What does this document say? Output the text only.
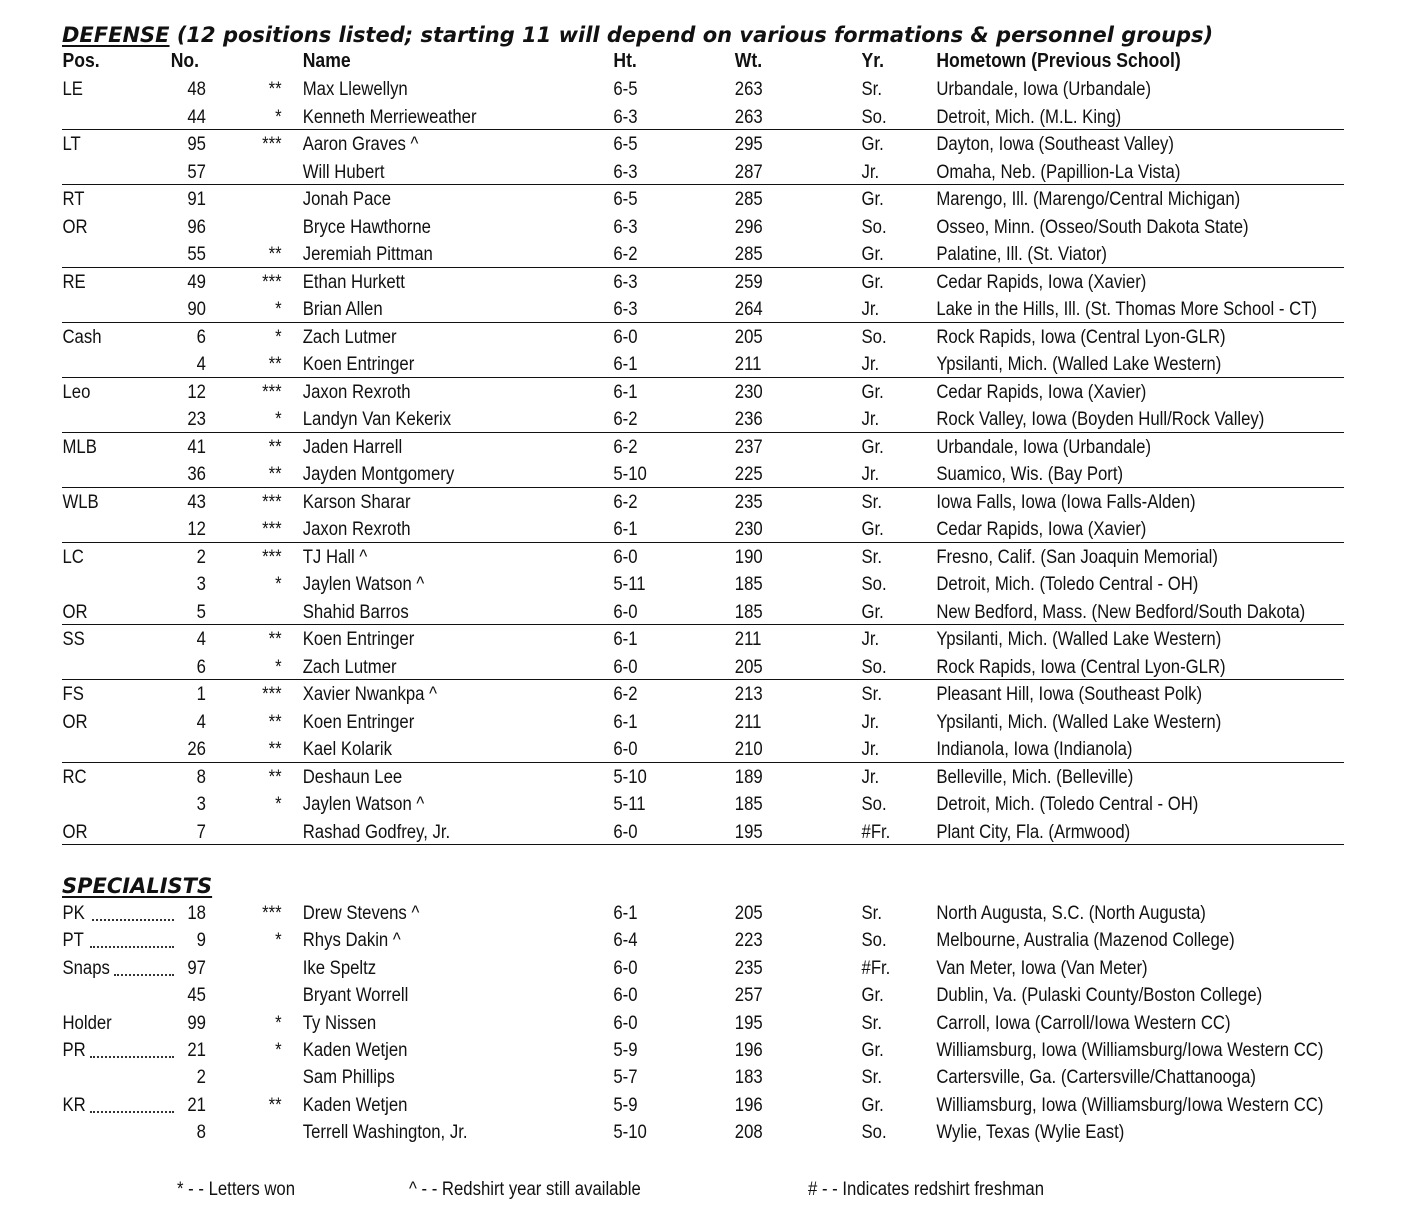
DEFENSE (12 positions listed; starting 11 will depend on various formations & personnel groups)
Pos.	No.	Name	Ht.	Wt.	Yr.	Hometown (Previous School)
LE	48	** Max Llewellyn	6-5	263	Sr.	Urbandale, Iowa (Urbandale)
44	* Kenneth Merrieweather	6-3	263	So.	Detroit, Mich. (M.L. King)
LT	95	*** Aaron Graves ^	6-5	295	Gr.	Dayton, Iowa (Southeast Valley)
57	Will Hubert	6-3	287	Jr.	Omaha, Neb. (Papillion-La Vista)
RT	91	Jonah Pace	6-5	285	Gr.	Marengo, Ill. (Marengo/Central Michigan)
OR	96	Bryce Hawthorne	6-3	296	So.	Osseo, Minn. (Osseo/South Dakota State)
55	** Jeremiah Pittman	6-2	285	Gr.	Palatine, Ill. (St. Viator)
RE	49	*** Ethan Hurkett	6-3	259	Gr.	Cedar Rapids, Iowa (Xavier)
90	* Brian Allen	6-3	264	Jr.	Lake in the Hills, Ill. (St. Thomas More School - CT)
Cash	6	* Zach Lutmer	6-0	205	So.	Rock Rapids, Iowa (Central Lyon-GLR)
4	** Koen Entringer	6-1	211	Jr.	Ypsilanti, Mich. (Walled Lake Western)
Leo	12	*** Jaxon Rexroth	6-1	230	Gr.	Cedar Rapids, Iowa (Xavier)
23	* Landyn Van Kekerix	6-2	236	Jr.	Rock Valley, Iowa (Boyden Hull/Rock Valley)
MLB	41	** Jaden Harrell	6-2	237	Gr.	Urbandale, Iowa (Urbandale)
36	** Jayden Montgomery	5-10	225	Jr.	Suamico, Wis. (Bay Port)
WLB	43	*** Karson Sharar	6-2	235	Sr.	Iowa Falls, Iowa (Iowa Falls-Alden)
12	*** Jaxon Rexroth	6-1	230	Gr.	Cedar Rapids, Iowa (Xavier)
LC	2	*** TJ Hall ^	6-0	190	Sr.	Fresno, Calif. (San Joaquin Memorial)
3	* Jaylen Watson ^	5-11	185	So.	Detroit, Mich. (Toledo Central - OH)
OR	5	Shahid Barros	6-0	185	Gr.	New Bedford, Mass. (New Bedford/South Dakota)
SS	4	** Koen Entringer	6-1	211	Jr.	Ypsilanti, Mich. (Walled Lake Western)
6	* Zach Lutmer	6-0	205	So.	Rock Rapids, Iowa (Central Lyon-GLR)
FS	1	*** Xavier Nwankpa ^	6-2	213	Sr.	Pleasant Hill, Iowa (Southeast Polk)
OR	4	** Koen Entringer	6-1	211	Jr.	Ypsilanti, Mich. (Walled Lake Western)
26	** Kael Kolarik	6-0	210	Jr.	Indianola, Iowa (Indianola)
RC	8	** Deshaun Lee	5-10	189	Jr.	Belleville, Mich. (Belleville)
3	* Jaylen Watson ^	5-11	185	So.	Detroit, Mich. (Toledo Central - OH)
OR	7	Rashad Godfrey, Jr.	6-0	195	#Fr. Plant City, Fla. (Armwood)
SPECIALISTS
PK	18	*** Drew Stevens ^	6-1	205	Sr.	North Augusta, S.C. (North Augusta)
PT	9	* Rhys Dakin ^	6-4	223	So.	Melbourne, Australia (Mazenod College)
Snaps	97	Ike Speltz	6-0	235	#Fr. Van Meter, Iowa (Van Meter)
45	Bryant Worrell	6-0	257	Gr.	Dublin, Va. (Pulaski County/Boston College)
Holder	99	* Ty Nissen	6-0	195	Sr.	Carroll, Iowa (Carroll/Iowa Western CC)
PR	21	* Kaden Wetjen	5-9	196	Gr.	Williamsburg, Iowa (Williamsburg/Iowa Western CC)
2	Sam Phillips	5-7	183	Sr.	Cartersville, Ga. (Cartersville/Chattanooga)
KR	21	** Kaden Wetjen	5-9	196	Gr.	Williamsburg, Iowa (Williamsburg/Iowa Western CC)
8	Terrell Washington, Jr.	5-10	208	So.	Wylie, Texas (Wylie East)
* - - Letters won	^ - - Redshirt year still available	# - - Indicates redshirt freshman
